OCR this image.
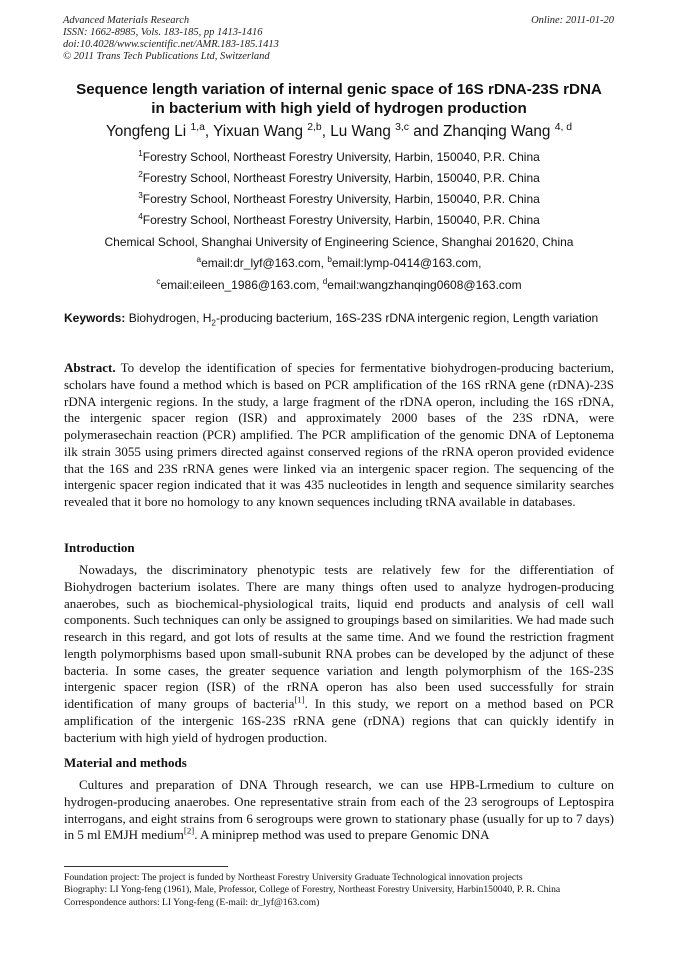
Advanced Materials Research
ISSN: 1662-8985, Vols. 183-185, pp 1413-1416
doi:10.4028/www.scientific.net/AMR.183-185.1413
© 2011 Trans Tech Publications Ltd, Switzerland
Online: 2011-01-20
Sequence length variation of internal genic space of 16S rDNA-23S rDNA
in bacterium with high yield of hydrogen production
Yongfeng Li $^{1,a}$, Yixuan Wang $^{2,b}$, Lu Wang $^{3,c}$ and Zhanqing Wang $^{4, d}$
$^1$Forestry School, Northeast Forestry University, Harbin, 150040, P.R. China
$^2$Forestry School, Northeast Forestry University, Harbin, 150040, P.R. China
$^3$Forestry School, Northeast Forestry University, Harbin, 150040, P.R. China
$^4$Forestry School, Northeast Forestry University, Harbin, 150040, P.R. China
Chemical School, Shanghai University of Engineering Science, Shanghai 201620, China
$^a$email:dr_lyf@163.com, $^b$email:lymp-0414@163.com,
$^c$email:eileen_1986@163.com, $^d$email:wangzhanqing0608@163.com
Keywords: Biohydrogen, $H_2$-producing bacterium, 16S-23S rDNA intergenic region, Length variation
Abstract. To develop the identification of species for fermentative biohydrogen-producing bacterium, scholars have found a method which is based on PCR amplification of the 16S rRNA gene (rDNA)-23S rDNA intergenic regions. In the study, a large fragment of the rDNA operon, including the 16S rDNA, the intergenic spacer region (ISR) and approximately 2000 bases of the 23S rDNA, were polymerasechain reaction (PCR) amplified. The PCR amplification of the genomic DNA of Leptonema ilk strain 3055 using primers directed against conserved regions of the rRNA operon provided evidence that the 16S and 23S rRNA genes were linked via an intergenic spacer region. The sequencing of the intergenic spacer region indicated that it was 435 nucleotides in length and sequence similarity searches revealed that it bore no homology to any known sequences including tRNA available in databases.
Introduction
Nowadays, the discriminatory phenotypic tests are relatively few for the differentiation of Biohydrogen bacterium isolates. There are many things often used to analyze hydrogen-producing anaerobes, such as biochemical-physiological traits, liquid end products and analysis of cell wall components. Such techniques can only be assigned to groupings based on similarities. We had made such research in this regard, and got lots of results at the same time. And we found the restriction fragment length polymorphisms based upon small-subunit RNA probes can be developed by the adjunct of these bacteria. In some cases, the greater sequence variation and length polymorphism of the 16S-23S intergenic spacer region (ISR) of the rRNA operon has also been used successfully for strain identification of many groups of bacteria[1]. In this study, we report on a method based on PCR amplification of the intergenic 16S-23S rRNA gene (rDNA) regions that can quickly identify in bacterium with high yield of hydrogen production.
Material and methods
Cultures and preparation of DNA Through research, we can use HPB-Lrmedium to culture on hydrogen-producing anaerobes. One representative strain from each of the 23 serogroups of Leptospira interrogans, and eight strains from 6 serogroups were grown to stationary phase (usually for up to 7 days) in 5 ml EMJH medium[2]. A miniprep method was used to prepare Genomic DNA
Foundation project: The project is funded by Northeast Forestry University Graduate Technological innovation projects
Biography: LI Yong-feng (1961), Male, Professor, College of Forestry, Northeast Forestry University, Harbin150040, P. R. China
Correspondence authors: LI Yong-feng (E-mail: dr_lyf@163.com)
